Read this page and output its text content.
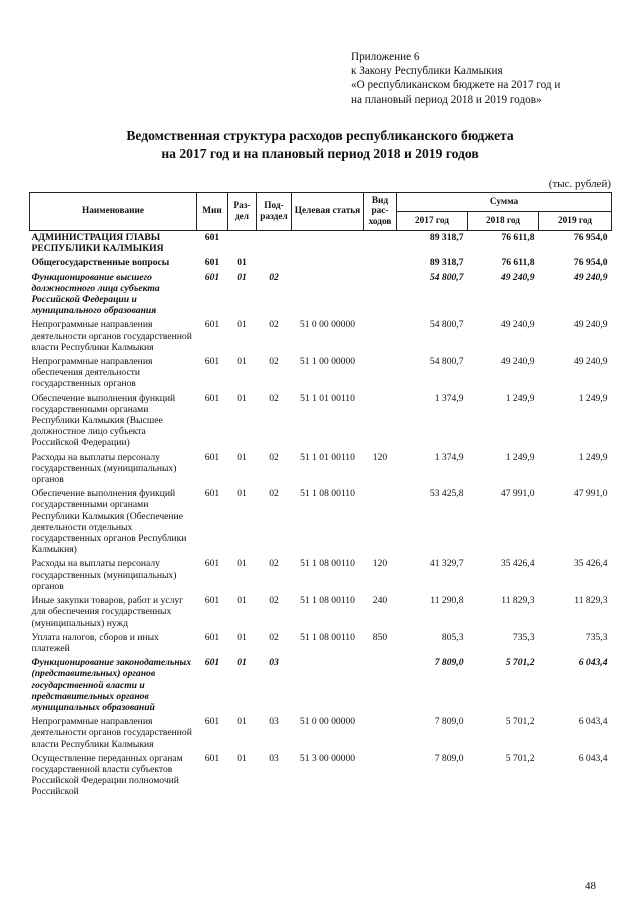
Приложение 6
к Закону Республики Калмыкия
«О республиканском бюджете на 2017 год и
на плановый период 2018 и 2019 годов»
Ведомственная структура расходов республиканского бюджета
на 2017 год и на плановый период 2018 и 2019 годов
(тыс. рублей)
Наименование	Мин	Раз-дел	Под-раздел	Целевая статья	Вид рас-ходов	Сумма		
						2017 год	2018 год	2019 год
АДМИНИСТРАЦИЯ ГЛАВЫ РЕСПУБЛИКИ КАЛМЫКИЯ	601					89 318,7	76 611,8	76 954,0
Общегосударственные вопросы	601	01				89 318,7	76 611,8	76 954,0
Функционирование высшего должностного лица субъекта Российской Федерации и муниципального образования	601	01	02			54 800,7	49 240,9	49 240,9
Непрограммные направления деятельности органов государственной власти Республики Калмыкия	601	01	02	51 0 00 00000		54 800,7	49 240,9	49 240,9
Непрограммные направления обеспечения деятельности государственных органов	601	01	02	51 1 00 00000		54 800,7	49 240,9	49 240,9
Обеспечение выполнения функций государственными органами Республики Калмыкия (Высшее должностное лицо субъекта Российской Федерации)	601	01	02	51 1 01 00110		1 374,9	1 249,9	1 249,9
Расходы на выплаты персоналу государственных (муниципальных) органов	601	01	02	51 1 01 00110	120	1 374,9	1 249,9	1 249,9
Обеспечение выполнения функций государственными органами Республики Калмыкия (Обеспечение деятельности отдельных государственных органов Республики Калмыкия)	601	01	02	51 1 08 00110		53 425,8	47 991,0	47 991,0
Расходы на выплаты персоналу государственных (муниципальных) органов	601	01	02	51 1 08 00110	120	41 329,7	35 426,4	35 426,4
Иные закупки товаров, работ и услуг для обеспечения государственных (муниципальных) нужд	601	01	02	51 1 08 00110	240	11 290,8	11 829,3	11 829,3
Уплата налогов, сборов и иных платежей	601	01	02	51 1 08 00110	850	805,3	735,3	735,3
Функционирование законодательных (представительных) органов государственной власти и представительных органов муниципальных образований	601	01	03			7 809,0	5 701,2	6 043,4
Непрограммные направления деятельности органов государственной власти Республики Калмыкия	601	01	03	51 0 00 00000		7 809,0	5 701,2	6 043,4
Осуществление переданных органам государственной власти субъектов Российской Федерации полномочий Российской	601	01	03	51 3 00 00000		7 809,0	5 701,2	6 043,4
48
